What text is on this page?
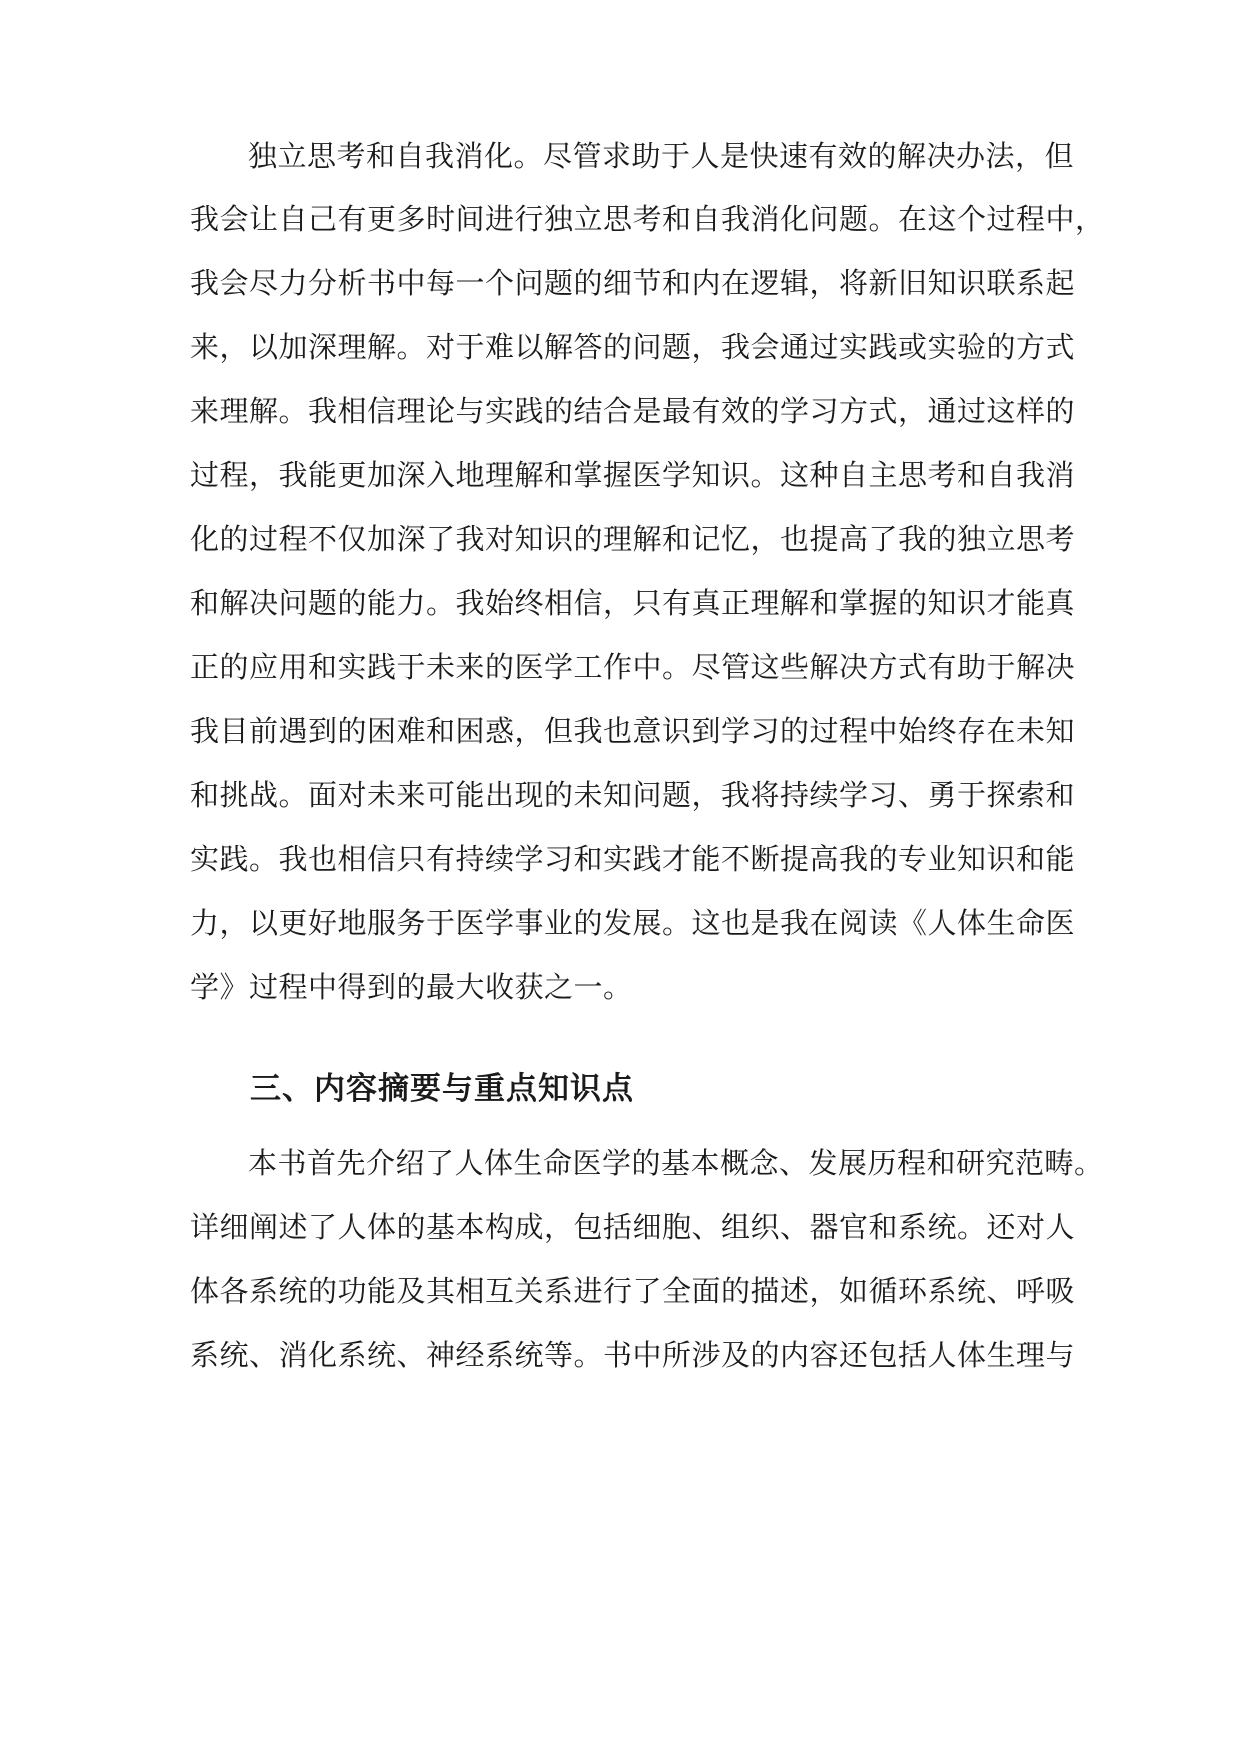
独立思考和自我消化。尽管求助于人是快速有效的解决办法，但
我会让自己有更多时间进行独立思考和自我消化问题。在这个过程中，
我会尽力分析书中每一个问题的细节和内在逻辑，将新旧知识联系起
来，以加深理解。对于难以解答的问题，我会通过实践或实验的方式
来理解。我相信理论与实践的结合是最有效的学习方式，通过这样的
过程，我能更加深入地理解和掌握医学知识。这种自主思考和自我消
化的过程不仅加深了我对知识的理解和记忆，也提高了我的独立思考
和解决问题的能力。我始终相信，只有真正理解和掌握的知识才能真
正的应用和实践于未来的医学工作中。尽管这些解决方式有助于解决
我目前遇到的困难和困惑，但我也意识到学习的过程中始终存在未知
和挑战。面对未来可能出现的未知问题，我将持续学习、勇于探索和
实践。我也相信只有持续学习和实践才能不断提高我的专业知识和能
力，以更好地服务于医学事业的发展。这也是我在阅读《人体生命医
学》过程中得到的最大收获之一。
三、内容摘要与重点知识点
本书首先介绍了人体生命医学的基本概念、发展历程和研究范畴。
详细阐述了人体的基本构成，包括细胞、组织、器官和系统。还对人
体各系统的功能及其相互关系进行了全面的描述，如循环系统、呼吸
系统、消化系统、神经系统等。书中所涉及的内容还包括人体生理与
